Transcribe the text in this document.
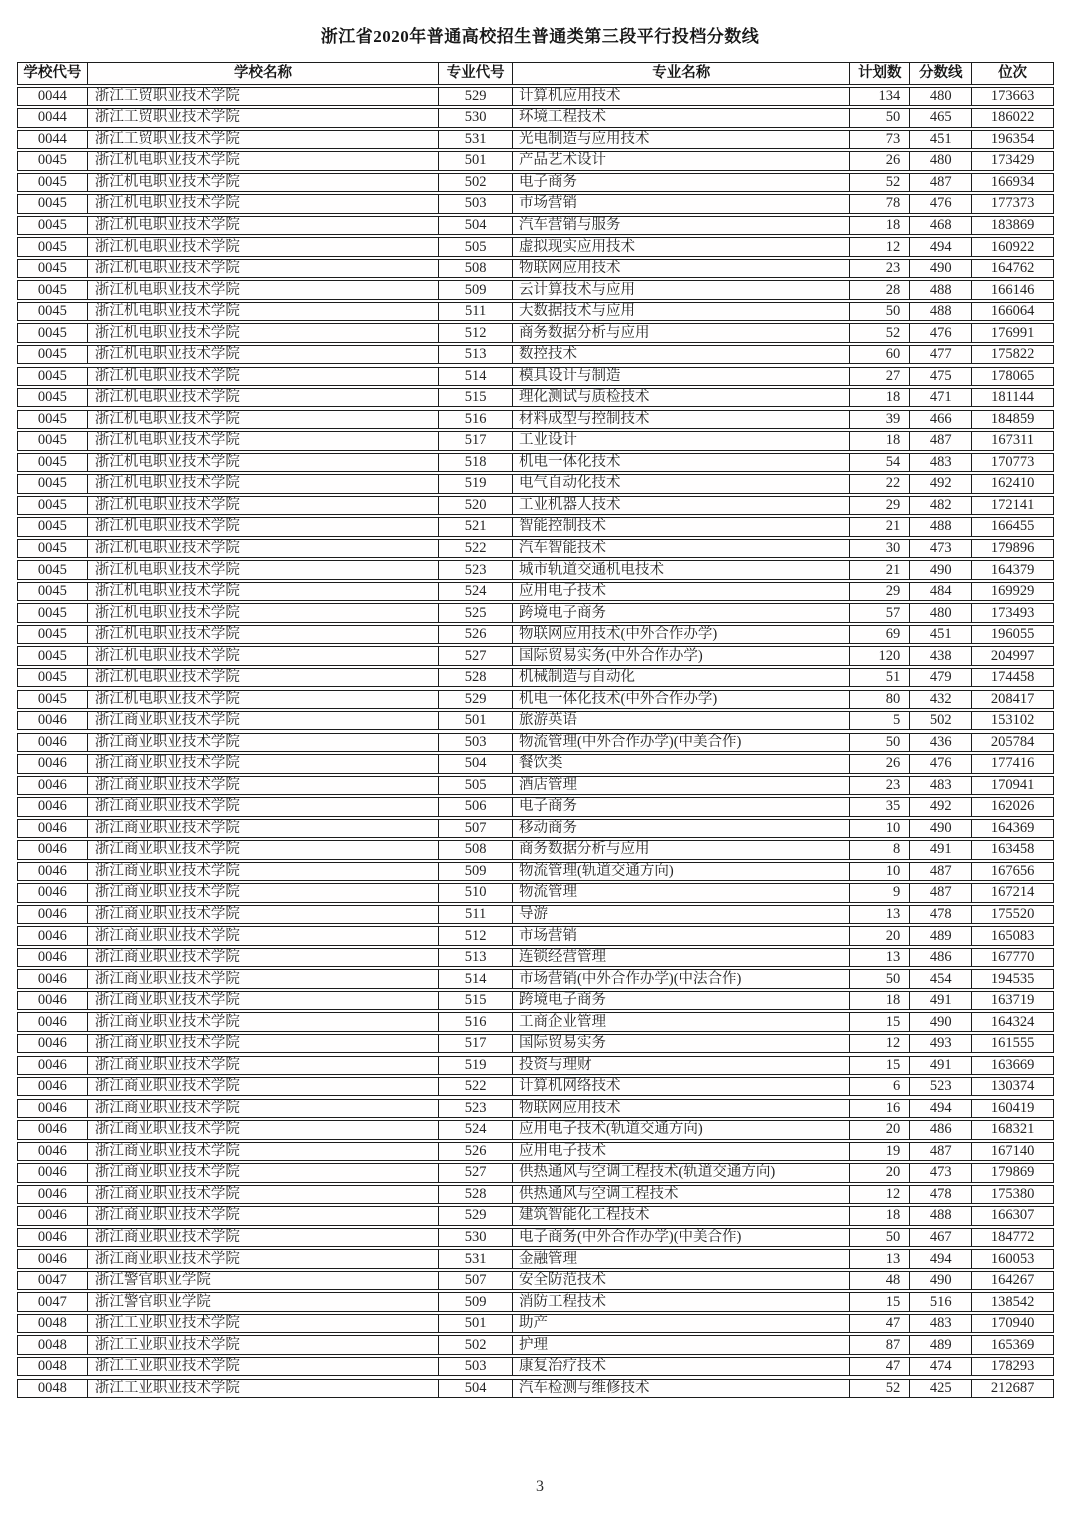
浙江省2020年普通高校招生普通类第三段平行投档分数线
学校代号	学校名称	专业代号	专业名称	计划数	分数线	位次
0044	浙江工贸职业技术学院	529	计算机应用技术	134	480	173663
0044	浙江工贸职业技术学院	530	环境工程技术	50	465	186022
0044	浙江工贸职业技术学院	531	光电制造与应用技术	73	451	196354
0045	浙江机电职业技术学院	501	产品艺术设计	26	480	173429
0045	浙江机电职业技术学院	502	电子商务	52	487	166934
0045	浙江机电职业技术学院	503	市场营销	78	476	177373
0045	浙江机电职业技术学院	504	汽车营销与服务	18	468	183869
0045	浙江机电职业技术学院	505	虚拟现实应用技术	12	494	160922
0045	浙江机电职业技术学院	508	物联网应用技术	23	490	164762
0045	浙江机电职业技术学院	509	云计算技术与应用	28	488	166146
0045	浙江机电职业技术学院	511	大数据技术与应用	50	488	166064
0045	浙江机电职业技术学院	512	商务数据分析与应用	52	476	176991
0045	浙江机电职业技术学院	513	数控技术	60	477	175822
0045	浙江机电职业技术学院	514	模具设计与制造	27	475	178065
0045	浙江机电职业技术学院	515	理化测试与质检技术	18	471	181144
0045	浙江机电职业技术学院	516	材料成型与控制技术	39	466	184859
0045	浙江机电职业技术学院	517	工业设计	18	487	167311
0045	浙江机电职业技术学院	518	机电一体化技术	54	483	170773
0045	浙江机电职业技术学院	519	电气自动化技术	22	492	162410
0045	浙江机电职业技术学院	520	工业机器人技术	29	482	172141
0045	浙江机电职业技术学院	521	智能控制技术	21	488	166455
0045	浙江机电职业技术学院	522	汽车智能技术	30	473	179896
0045	浙江机电职业技术学院	523	城市轨道交通机电技术	21	490	164379
0045	浙江机电职业技术学院	524	应用电子技术	29	484	169929
0045	浙江机电职业技术学院	525	跨境电子商务	57	480	173493
0045	浙江机电职业技术学院	526	物联网应用技术(中外合作办学)	69	451	196055
0045	浙江机电职业技术学院	527	国际贸易实务(中外合作办学)	120	438	204997
0045	浙江机电职业技术学院	528	机械制造与自动化	51	479	174458
0045	浙江机电职业技术学院	529	机电一体化技术(中外合作办学)	80	432	208417
0046	浙江商业职业技术学院	501	旅游英语	5	502	153102
0046	浙江商业职业技术学院	503	物流管理(中外合作办学)(中美合作)	50	436	205784
0046	浙江商业职业技术学院	504	餐饮类	26	476	177416
0046	浙江商业职业技术学院	505	酒店管理	23	483	170941
0046	浙江商业职业技术学院	506	电子商务	35	492	162026
0046	浙江商业职业技术学院	507	移动商务	10	490	164369
0046	浙江商业职业技术学院	508	商务数据分析与应用	8	491	163458
0046	浙江商业职业技术学院	509	物流管理(轨道交通方向)	10	487	167656
0046	浙江商业职业技术学院	510	物流管理	9	487	167214
0046	浙江商业职业技术学院	511	导游	13	478	175520
0046	浙江商业职业技术学院	512	市场营销	20	489	165083
0046	浙江商业职业技术学院	513	连锁经营管理	13	486	167770
0046	浙江商业职业技术学院	514	市场营销(中外合作办学)(中法合作)	50	454	194535
0046	浙江商业职业技术学院	515	跨境电子商务	18	491	163719
0046	浙江商业职业技术学院	516	工商企业管理	15	490	164324
0046	浙江商业职业技术学院	517	国际贸易实务	12	493	161555
0046	浙江商业职业技术学院	519	投资与理财	15	491	163669
0046	浙江商业职业技术学院	522	计算机网络技术	6	523	130374
0046	浙江商业职业技术学院	523	物联网应用技术	16	494	160419
0046	浙江商业职业技术学院	524	应用电子技术(轨道交通方向)	20	486	168321
0046	浙江商业职业技术学院	526	应用电子技术	19	487	167140
0046	浙江商业职业技术学院	527	供热通风与空调工程技术(轨道交通方向)	20	473	179869
0046	浙江商业职业技术学院	528	供热通风与空调工程技术	12	478	175380
0046	浙江商业职业技术学院	529	建筑智能化工程技术	18	488	166307
0046	浙江商业职业技术学院	530	电子商务(中外合作办学)(中美合作)	50	467	184772
0046	浙江商业职业技术学院	531	金融管理	13	494	160053
0047	浙江警官职业学院	507	安全防范技术	48	490	164267
0047	浙江警官职业学院	509	消防工程技术	15	516	138542
0048	浙江工业职业技术学院	501	助产	47	483	170940
0048	浙江工业职业技术学院	502	护理	87	489	165369
0048	浙江工业职业技术学院	503	康复治疗技术	47	474	178293
0048	浙江工业职业技术学院	504	汽车检测与维修技术	52	425	212687
3
